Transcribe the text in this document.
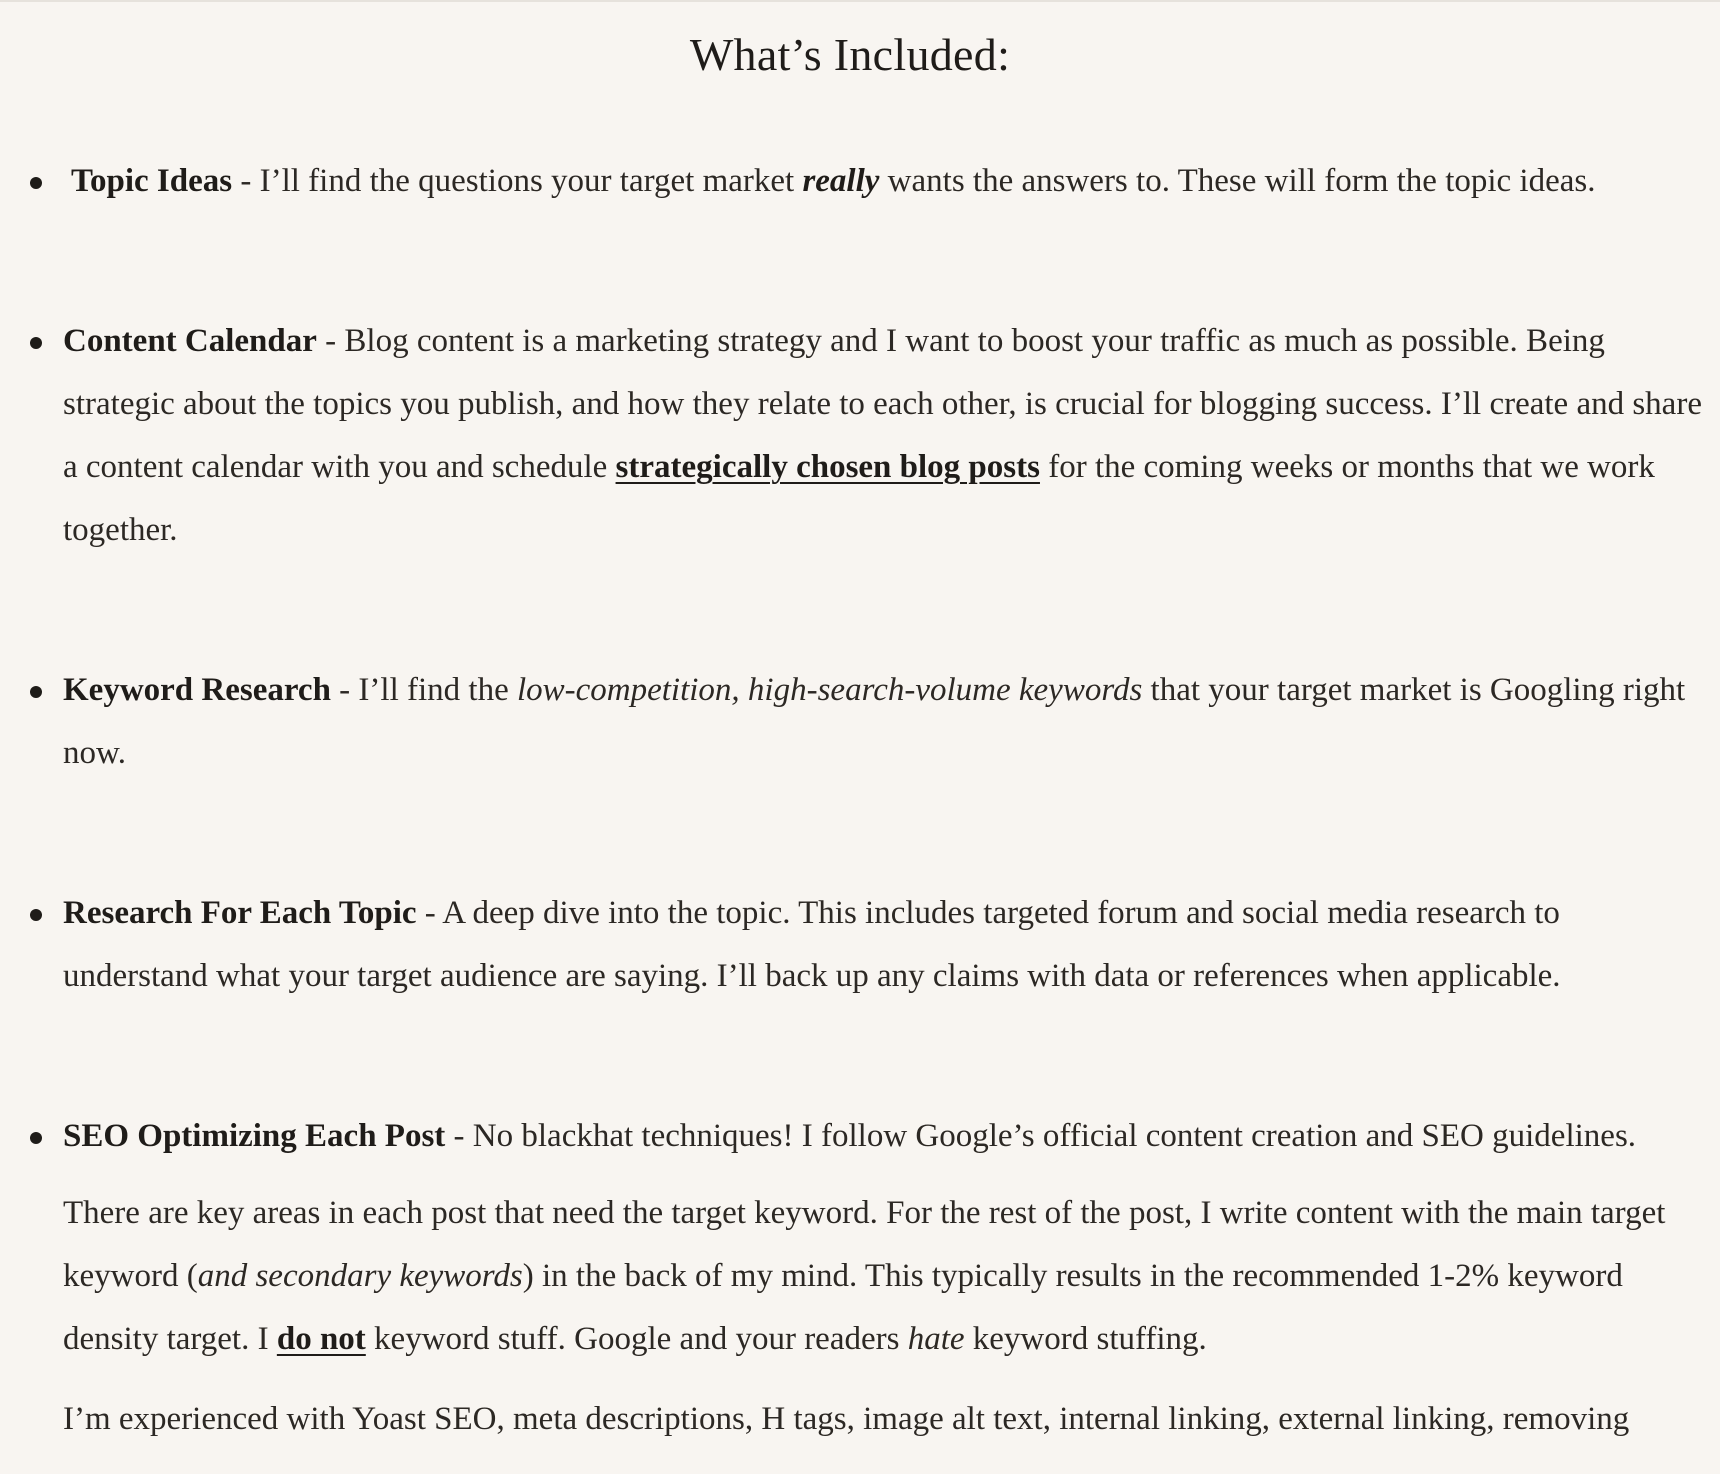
What’s Included:
Topic Ideas - I’ll find the questions your target market really wants the answers to. These will form the topic ideas.
Content Calendar - Blog content is a marketing strategy and I want to boost your traffic as much as possible. Being strategic about the topics you publish, and how they relate to each other, is crucial for blogging success. I’ll create and share a content calendar with you and schedule strategically chosen blog posts for the coming weeks or months that we work together.
Keyword Research - I’ll find the low-competition, high-search-volume keywords that your target market is Googling right now.
Research For Each Topic - A deep dive into the topic. This includes targeted forum and social media research to understand what your target audience are saying. I’ll back up any claims with data or references when applicable.
SEO Optimizing Each Post - No blackhat techniques! I follow Google’s official content creation and SEO guidelines.

There are key areas in each post that need the target keyword. For the rest of the post, I write content with the main target keyword (and secondary keywords) in the back of my mind. This typically results in the recommended 1-2% keyword density target. I do not keyword stuff. Google and your readers hate keyword stuffing.

I’m experienced with Yoast SEO, meta descriptions, H tags, image alt text, internal linking, external linking, removing
